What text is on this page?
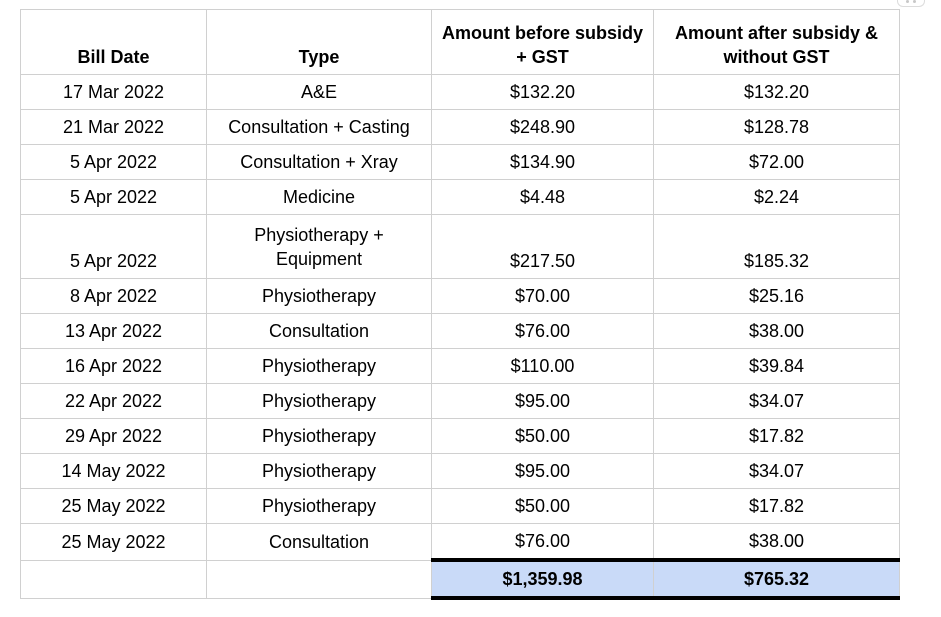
Bill Date	Type	Amount before subsidy + GST	Amount after subsidy & without GST
17 Mar 2022	A&E	$132.20	$132.20
21 Mar 2022	Consultation + Casting	$248.90	$128.78
5 Apr 2022	Consultation + Xray	$134.90	$72.00
5 Apr 2022	Medicine	$4.48	$2.24
5 Apr 2022	Physiotherapy + Equipment	$217.50	$185.32
8 Apr 2022	Physiotherapy	$70.00	$25.16
13 Apr 2022	Consultation	$76.00	$38.00
16 Apr 2022	Physiotherapy	$110.00	$39.84
22 Apr 2022	Physiotherapy	$95.00	$34.07
29 Apr 2022	Physiotherapy	$50.00	$17.82
14 May 2022	Physiotherapy	$95.00	$34.07
25 May 2022	Physiotherapy	$50.00	$17.82
25 May 2022	Consultation	$76.00	$38.00
		$1,359.98	$765.32
